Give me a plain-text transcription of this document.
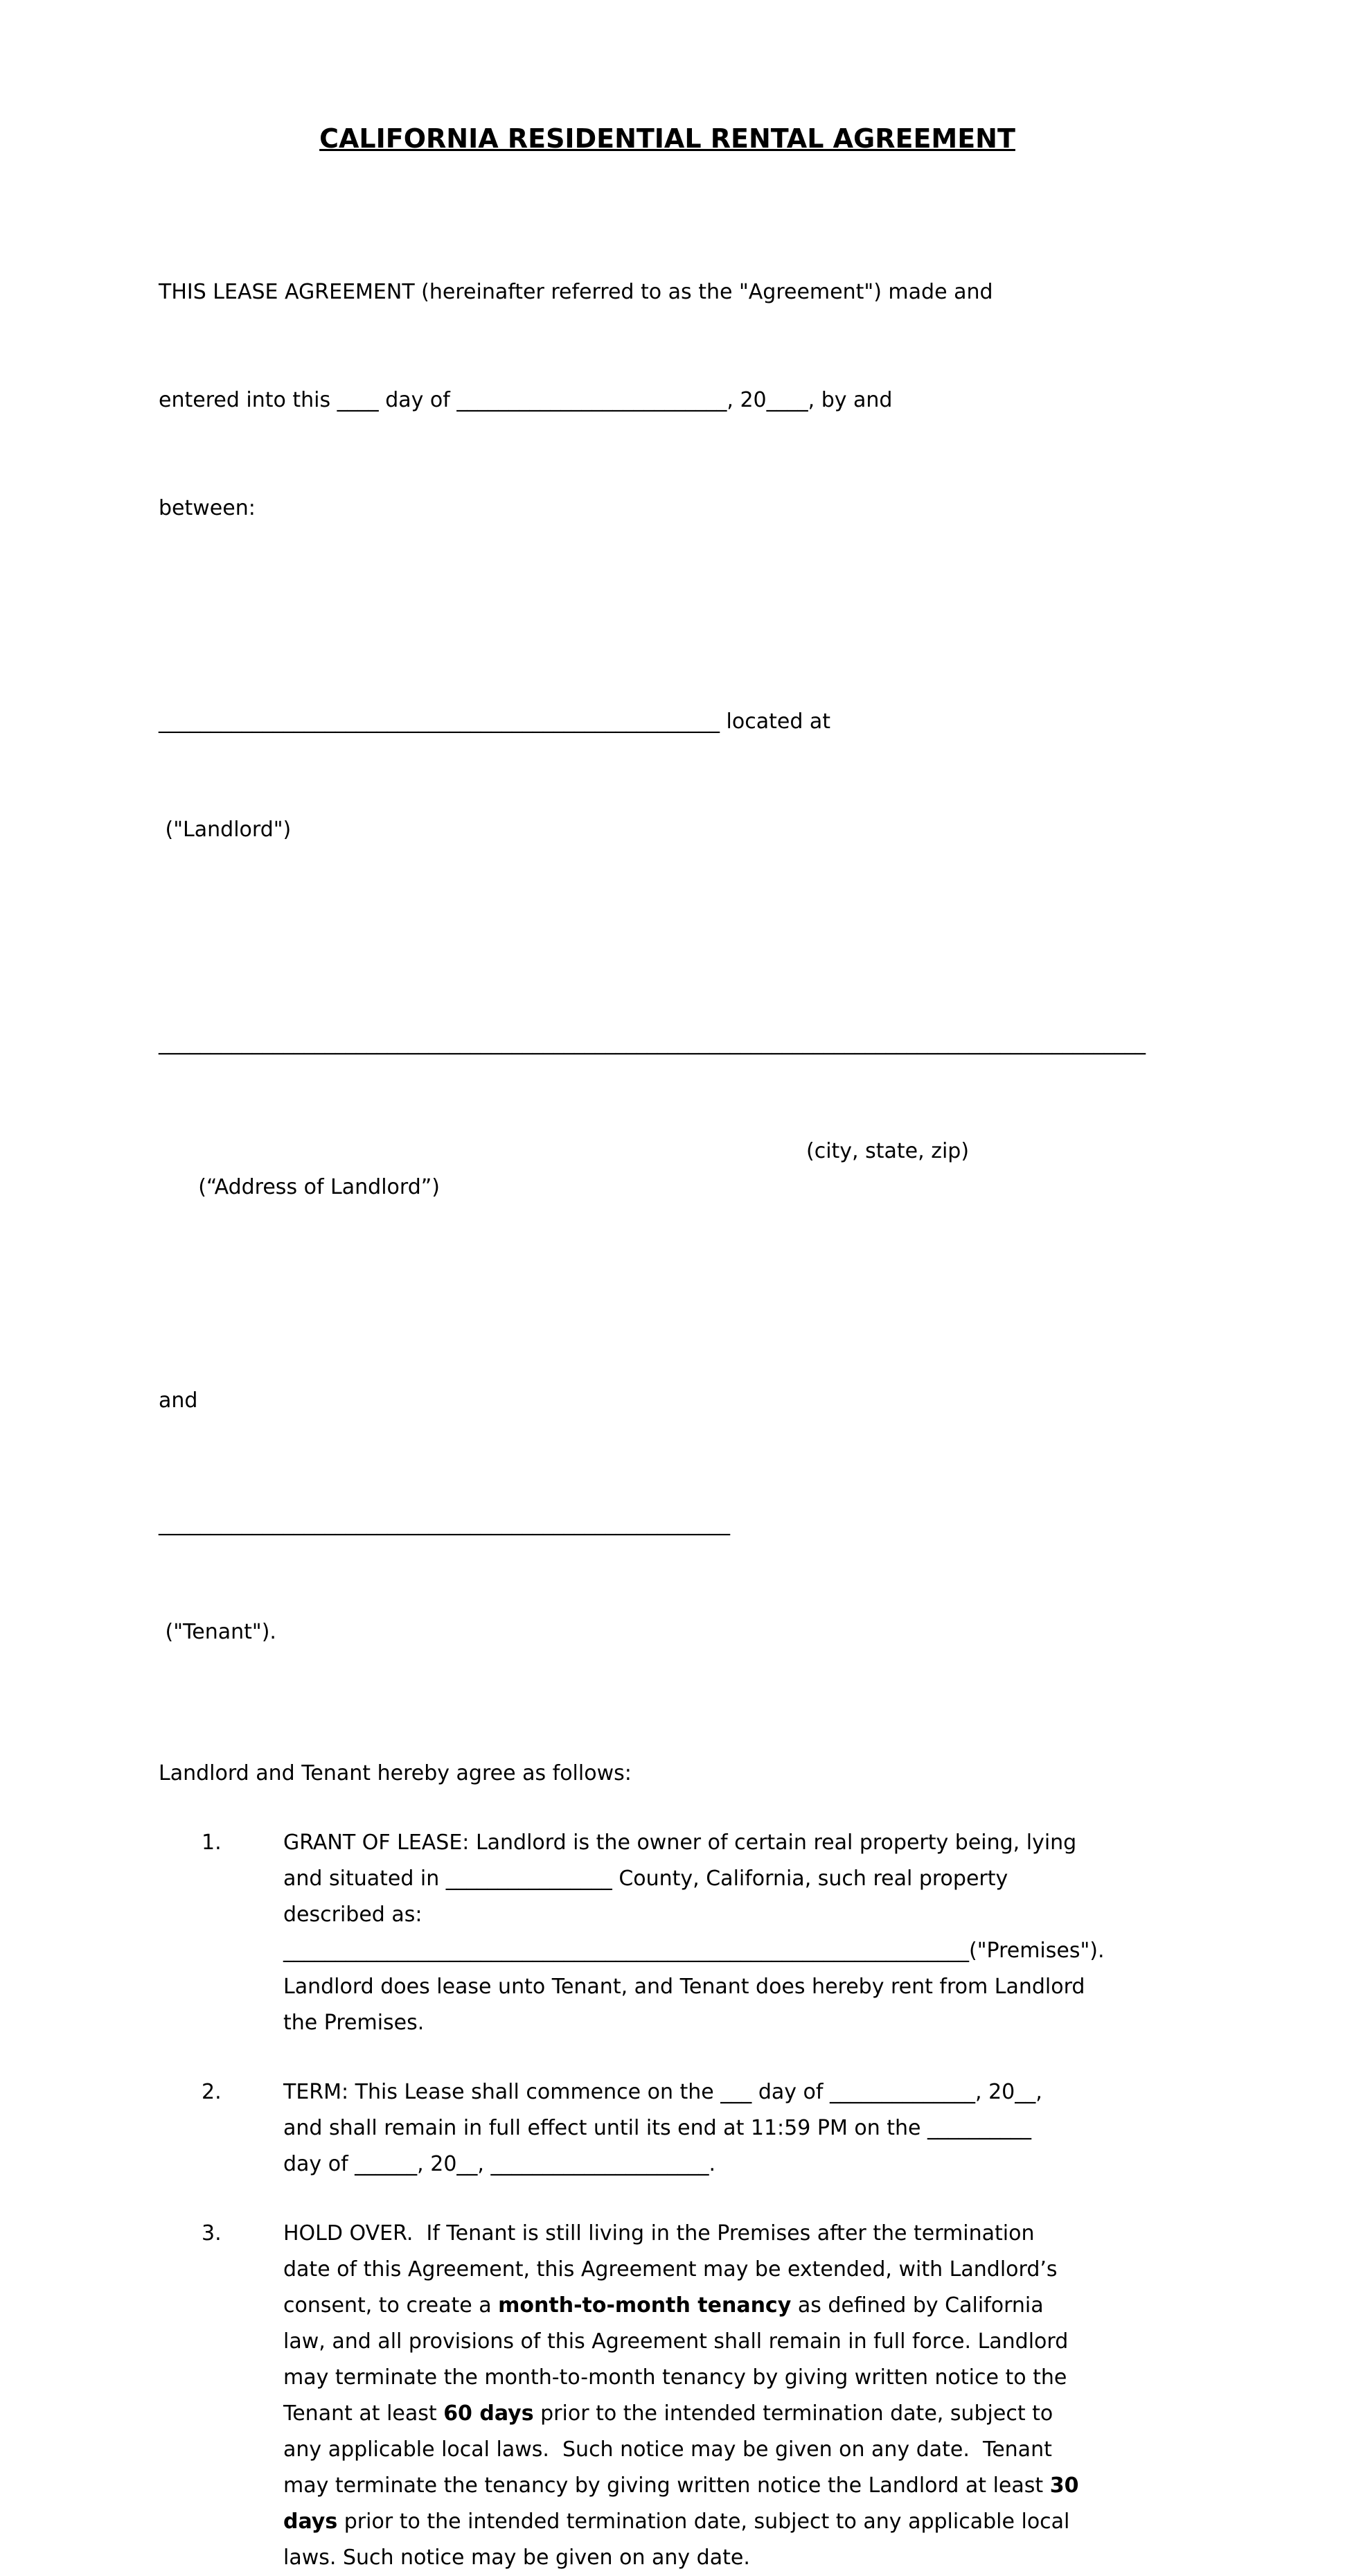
CALIFORNIA RESIDENTIAL RENTAL AGREEMENT

THIS LEASE AGREEMENT (hereinafter referred to as the "Agreement") made and

entered into this ____ day of __________________________, 20____, by and

between:

______________________________________________________ located at

("Landlord")

_______________________________________________________________________________________________

(“Address of Landlord”)

(city, state, zip)

and

_______________________________________________________

("Tenant").

Landlord and Tenant hereby agree as follows:
1.	GRANT OF LEASE: Landlord is the owner of certain real property being, lying
and situated in ________________ County, California, such real property
described as:
__________________________________________________________________("Premises").
Landlord does lease unto Tenant, and Tenant does hereby rent from Landlord
the Premises.
2.	TERM: This Lease shall commence on the ___ day of ______________, 20__,
and shall remain in full effect until its end at 11:59 PM on the __________
day of ______, 20__, _____________________.
3.	HOLD OVER.  If Tenant is still living in the Premises after the termination
date of this Agreement, this Agreement may be extended, with Landlord’s
consent, to create a month-to-month tenancy as defined by California
law, and all provisions of this Agreement shall remain in full force. Landlord
may terminate the month-to-month tenancy by giving written notice to the
Tenant at least 60 days prior to the intended termination date, subject to
any applicable local laws.  Such notice may be given on any date.  Tenant
may terminate the tenancy by giving written notice the Landlord at least 30
days prior to the intended termination date, subject to any applicable local
laws. Such notice may be given on any date.
